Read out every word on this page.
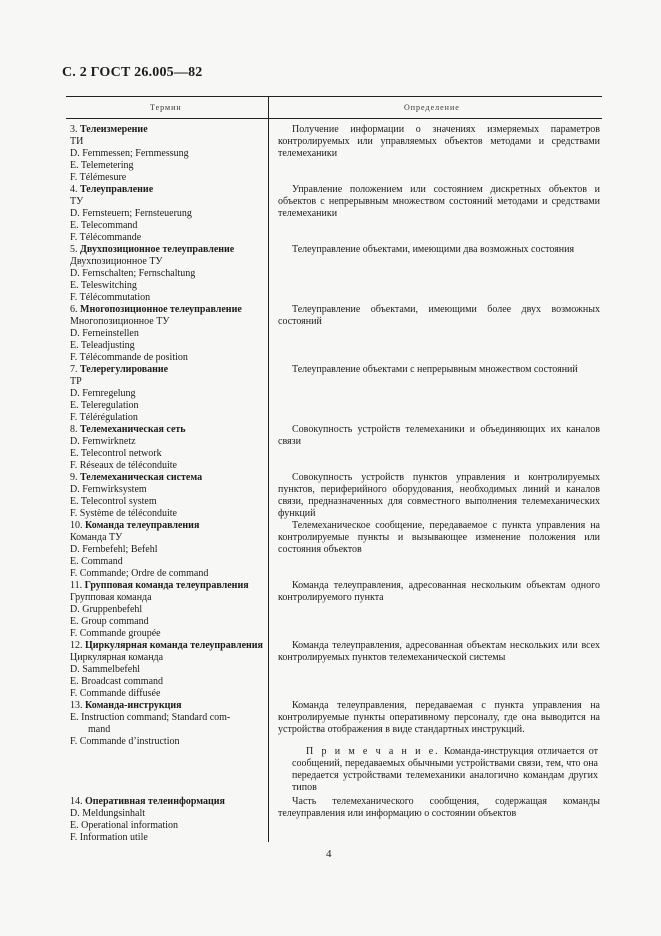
С. 2 ГОСТ 26.005—82
Термин	Определение
3. Телеизмерение
ТИ
D. Fernmessen; Fernmessung
E. Telemetering
F. Télémesure
4. Телеуправление
ТУ
D. Fernsteuern; Fernsteuerung
E. Telecommand
F. Télécommande
5. Двухпозиционное телеуправление
Двухпозиционное ТУ
D. Fernschalten; Fernschaltung
E. Teleswitching
F. Télécommutation
6. Многопозиционное телеуправление
Многопозиционное ТУ
D. Ferneinstellen
E. Teleadjusting
F. Télécommande de position
7. Телерегулирование
ТР
D. Fernregelung
E. Teleregulation
F. Télérégulation
8. Телемеханическая сеть
D. Fernwirknetz
E. Telecontrol network
F. Réseaux de téléconduite
9. Телемеханическая система
D. Fernwirksystem
E. Telecontrol system
F. Système de téléconduite
10. Команда телеуправления
Команда ТУ
D. Fernbefehl; Befehl
E. Command
F. Commande; Ordre de command
11. Групповая команда телеуправления
Групповая команда
D. Gruppenbefehl
E. Group command
F. Commande groupée
12. Циркулярная команда телеуправления
Циркулярная команда
D. Sammelbefehl
E. Broadcast command
F. Commande diffusée
13. Команда-инструкция
E. Instruction command; Standard com-
mand
F. Commande d’instruction
14. Оперативная телеинформация
D. Meldungsinhalt
E. Operational information
F. Information utile
Получение информации о значениях измеряемых параметров контролируемых или управляемых объектов методами и средствами телемеханики
Управление положением или состоянием дискретных объектов и объектов с непрерывным множеством состояний методами и средствами телемеханики
Телеуправление объектами, имеющими два возможных состояния
Телеуправление объектами, имеющими более двух возможных состояний
Телеуправление объектами с непрерывным множеством состояний
Совокупность устройств телемеханики и объединяющих их каналов связи
Совокупность устройств пунктов управления и контролируемых пунктов, периферийного оборудования, необходимых линий и каналов связи, предназначенных для совместного выполнения телемеханических функций
Телемеханическое сообщение, передаваемое с пункта управления на контролируемые пункты и вызывающее изменение положения или состояния объектов
Команда телеуправления, адресованная нескольким объектам одного контролируемого пункта
Команда телеуправления, адресованная объектам нескольких или всех контролируемых пунктов телемеханической системы
Команда телеуправления, передаваемая с пункта управления на контролируемые пункты оперативному персоналу, где она выводится на устройства отображения в виде стандартных инструкций.
Часть телемеханического сообщения, содержащая команды телеуправления или информацию о состоянии объектов
П р и м е ч а н и е. Команда-инструкция отличается от сообщений, передаваемых обычными устройствами связи, тем, что она передается устройствами телемеханики аналогично командам других типов
4
